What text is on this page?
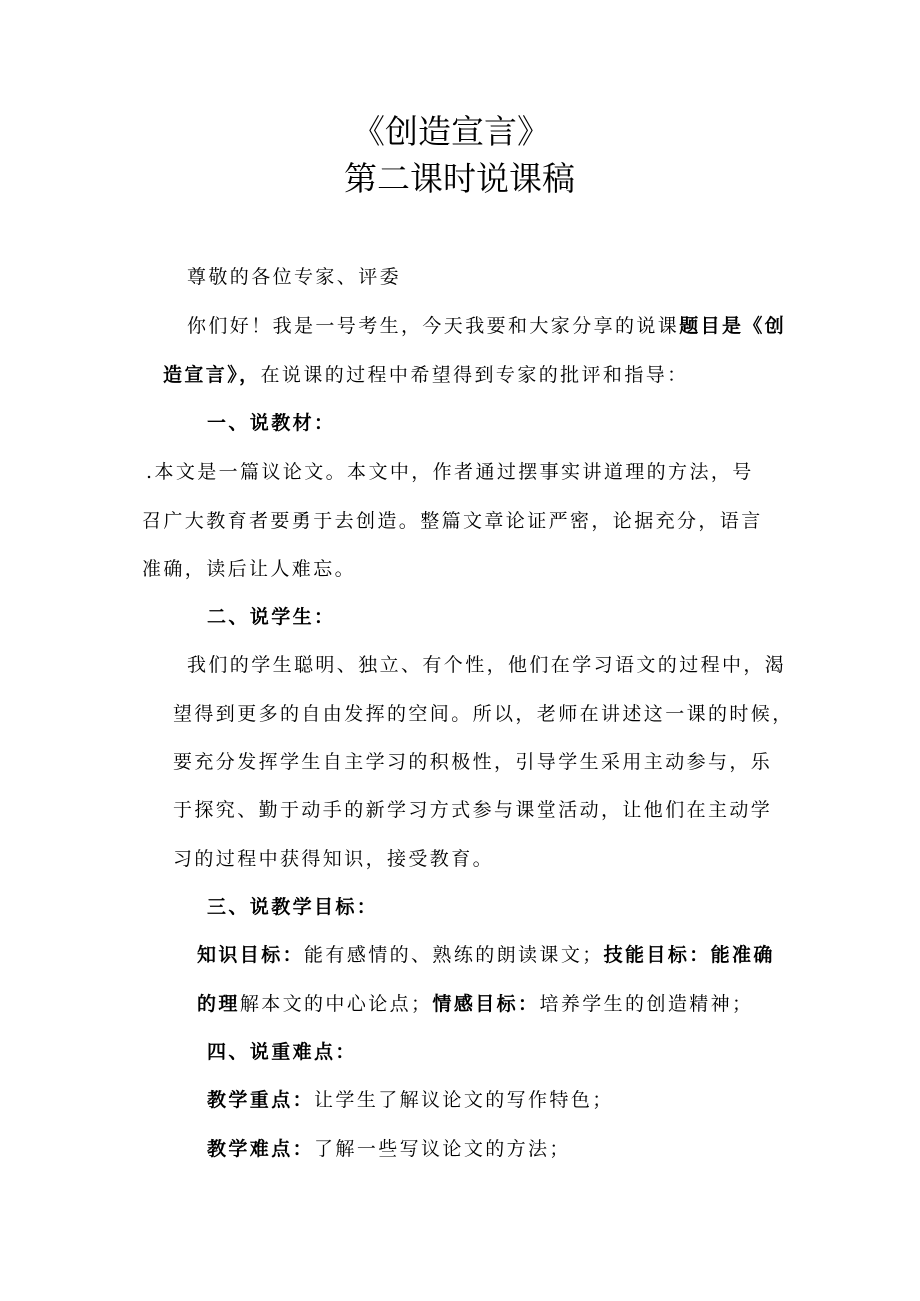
《创造宣言》
第二课时说课稿
尊敬的各位专家、评委
你们好！我是一号考生，今天我要和大家分享的说课题目是《创
造宣言》，在说课的过程中希望得到专家的批评和指导：
一、说教材：
.本文是一篇议论文。本文中，作者通过摆事实讲道理的方法，号
召广大教育者要勇于去创造。整篇文章论证严密，论据充分，语言
准确，读后让人难忘。
二、说学生：
我们的学生聪明、独立、有个性，他们在学习语文的过程中，渴
望得到更多的自由发挥的空间。所以，老师在讲述这一课的时候，
要充分发挥学生自主学习的积极性，引导学生采用主动参与，乐
于探究、勤于动手的新学习方式参与课堂活动，让他们在主动学
习的过程中获得知识，接受教育。
三、说教学目标：
知识目标：能有感情的、熟练的朗读课文；技能目标：能准确
的理解本文的中心论点；情感目标：培养学生的创造精神；
四、说重难点：
教学重点：让学生了解议论文的写作特色；
教学难点：了解一些写议论文的方法；
